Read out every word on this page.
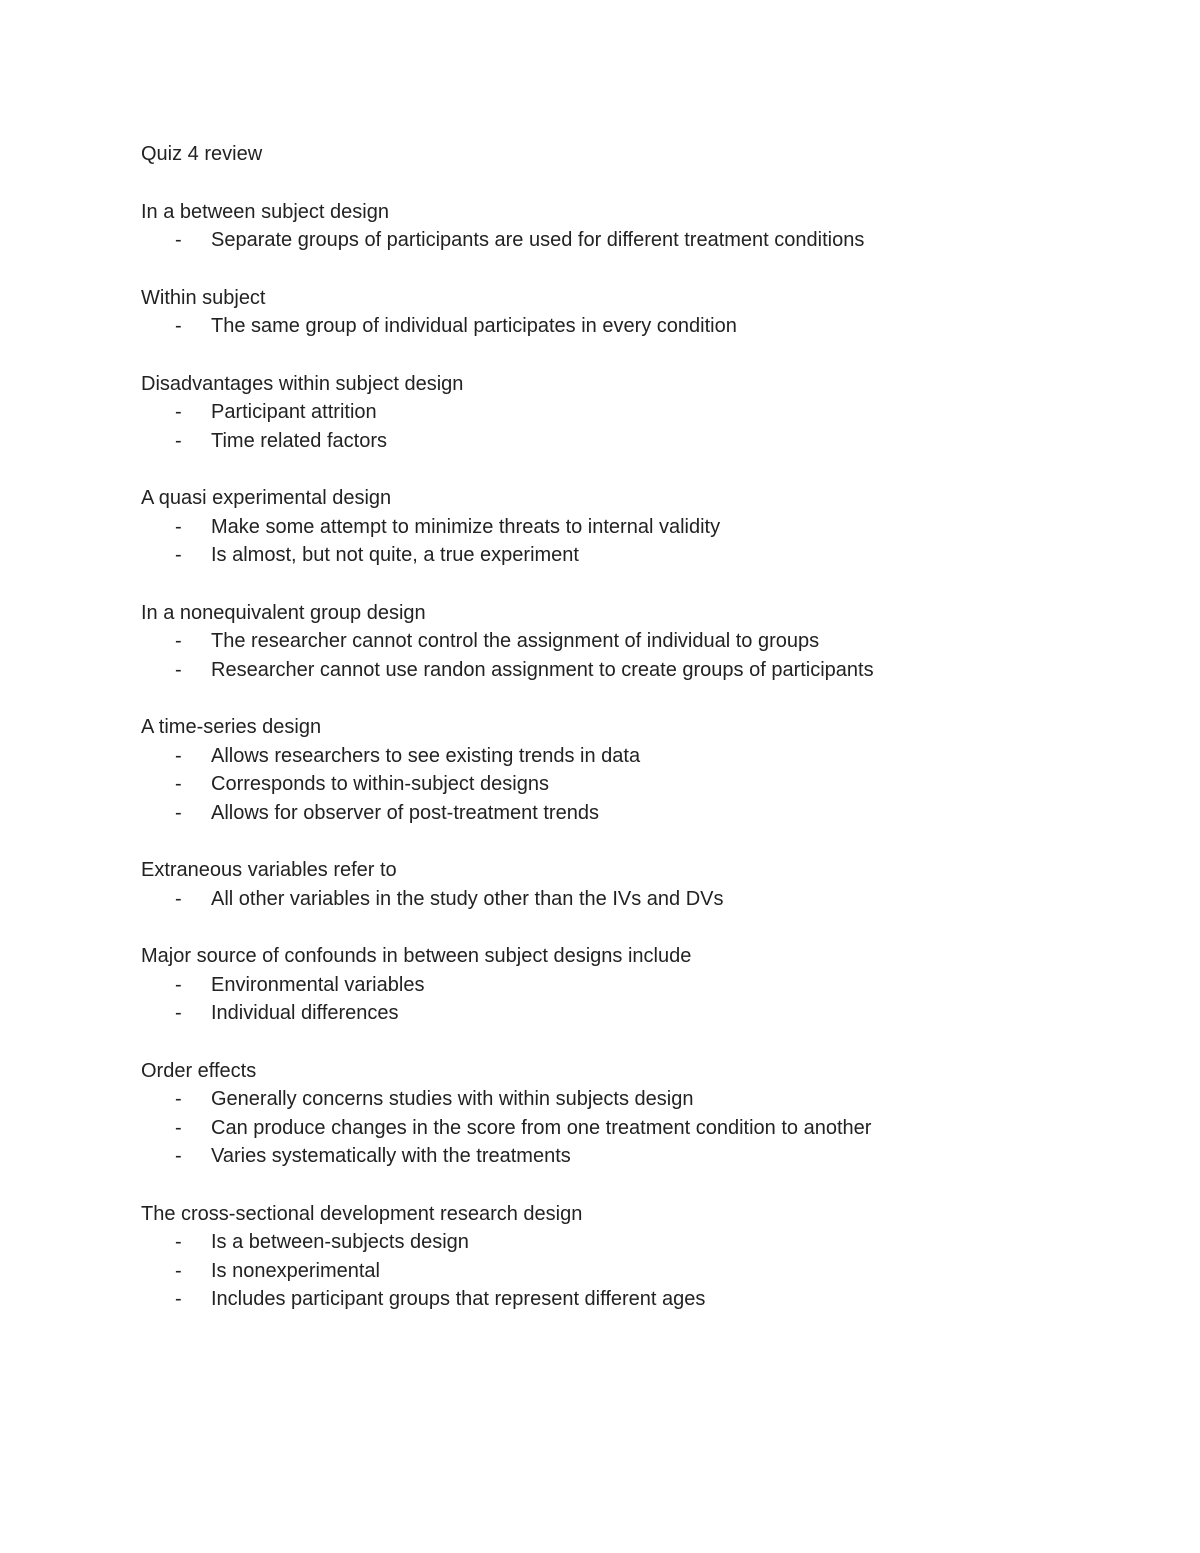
Quiz 4 review

In a between subject design

-	Separate groups of participants are used for different treatment conditions

Within subject

-	The same group of individual participates in every condition

Disadvantages within subject design

-	Participant attrition
-	Time related factors

A quasi experimental design

-	Make some attempt to minimize threats to internal validity
-	Is almost, but not quite, a true experiment

In a nonequivalent group design

-	The researcher cannot control the assignment of individual to groups
-	Researcher cannot use randon assignment to create groups of participants

A time-series design

-	Allows researchers to see existing trends in data
-	Corresponds to within-subject designs
-	Allows for observer of post-treatment trends

Extraneous variables refer to

-	All other variables in the study other than the IVs and DVs

Major source of confounds in between subject designs include

-	Environmental variables
-	Individual differences

Order effects

-	Generally concerns studies with within subjects design
-	Can produce changes in the score from one treatment condition to another
-	Varies systematically with the treatments

The cross-sectional development research design

-	Is a between-subjects design
-	Is nonexperimental
-	Includes participant groups that represent different ages
